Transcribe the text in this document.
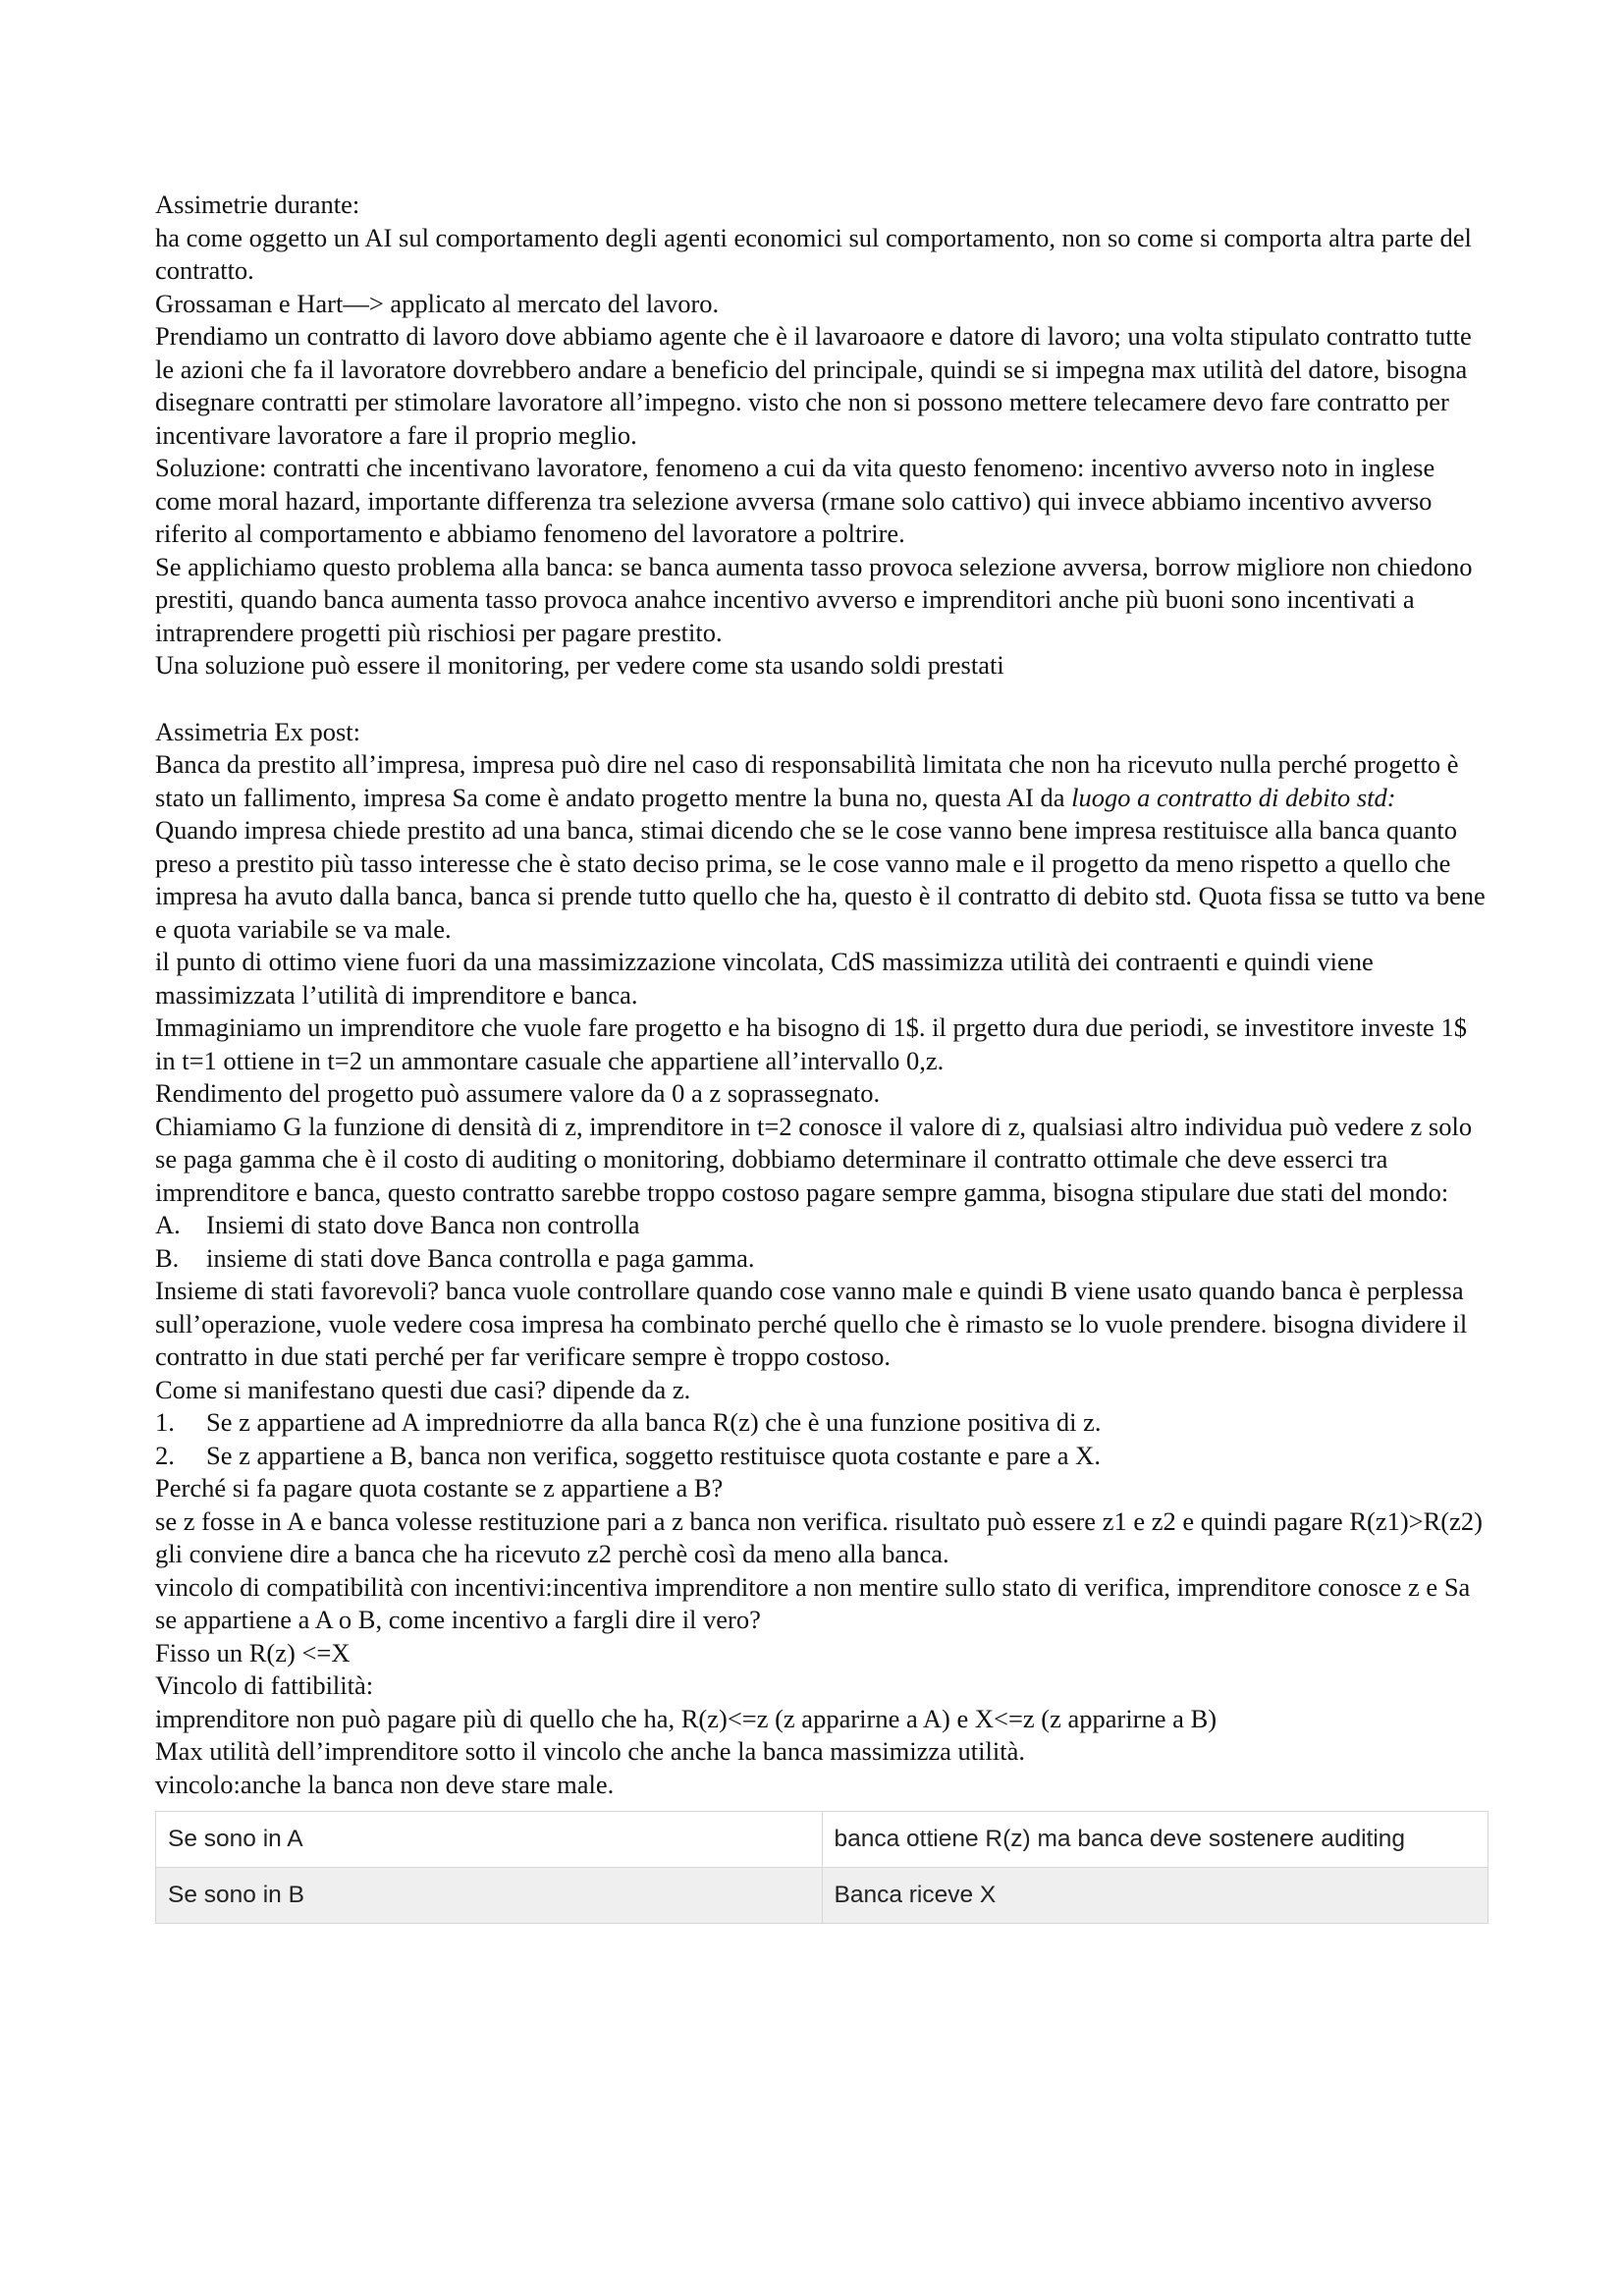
Assimetrie durante:

ha come oggetto un AI sul comportamento degli agenti economici sul comportamento, non so come si comporta altra parte del contratto.

Grossaman e Hart—> applicato al mercato del lavoro.

Prendiamo un contratto di lavoro dove abbiamo agente che è il lavaroaore e datore di lavoro; una volta stipulato contratto tutte le azioni che fa il lavoratore dovrebbero andare a beneficio del principale, quindi se si impegna max utilità del datore, bisogna disegnare contratti per stimolare lavoratore all’impegno. visto che non si possono mettere telecamere devo fare contratto per incentivare lavoratore a fare il proprio meglio.

Soluzione: contratti che incentivano lavoratore, fenomeno a cui da vita questo fenomeno: incentivo avverso noto in inglese come moral hazard, importante differenza tra selezione avversa (rmane solo cattivo) qui invece abbiamo incentivo avverso riferito al comportamento e abbiamo fenomeno del lavoratore a poltrire.

Se applichiamo questo problema alla banca: se banca aumenta tasso provoca selezione avversa, borrow migliore non chiedono prestiti, quando banca aumenta tasso provoca anahce incentivo avverso e imprenditori anche più buoni sono incentivati a intraprendere progetti più rischiosi per pagare prestito.

Una soluzione può essere il monitoring, per vedere come sta usando soldi prestati

Assimetria Ex post:

Banca da prestito all’impresa, impresa può dire nel caso di responsabilità limitata che non ha ricevuto nulla perché progetto è stato un fallimento, impresa Sa come è andato progetto mentre la buna no, questa AI da luogo a contratto di debito std:

Quando impresa chiede prestito ad una banca, stimai dicendo che se le cose vanno bene impresa restituisce alla banca quanto preso a prestito più tasso interesse che è stato deciso prima, se le cose vanno male e il progetto da meno rispetto a quello che impresa ha avuto dalla banca, banca si prende tutto quello che ha, questo è il contratto di debito std. Quota fissa se tutto va bene e quota variabile se va male.

il punto di ottimo viene fuori da una massimizzazione vincolata, CdS massimizza utilità dei contraenti e quindi viene massimizzata l’utilità di imprenditore e banca.

Immaginiamo un imprenditore che vuole fare progetto e ha bisogno di 1$. il prgetto dura due periodi, se investitore investe 1$ in t=1 ottiene in t=2 un ammontare casuale che appartiene all’intervallo 0,z.

Rendimento del progetto può assumere valore da 0 a z soprassegnato.

Chiamiamo G la funzione di densità di z, imprenditore in t=2 conosce il valore di z, qualsiasi altro individua può vedere z solo se paga gamma che è il costo di auditing o monitoring, dobbiamo determinare il contratto ottimale che deve esserci tra imprenditore e banca, questo contratto sarebbe troppo costoso pagare sempre gamma, bisogna stipulare due stati del mondo:

A. Insiemi di stato dove Banca non controlla
B.	insieme di stati dove Banca controlla e paga gamma.

Insieme di stati favorevoli? banca vuole controllare quando cose vanno male e quindi B viene usato quando banca è perplessa sull’operazione, vuole vedere cosa impresa ha combinato perché quello che è rimasto se lo vuole prendere. bisogna dividere il contratto in due stati perché per far verificare sempre è troppo costoso.

Come si manifestano questi due casi? dipende da z.

1.	Se z appartiene ad A imprednioтre da alla banca R(z) che è una funzione positiva di z.
2.	Se z appartiene a B, banca non verifica, soggetto restituisce quota costante e pare a X.

Perché si fa pagare quota costante se z appartiene a B?

se z fosse in A e banca volesse restituzione pari a z banca non verifica. risultato può essere z1 e z2 e quindi pagare R(z1)>R(z2) gli conviene dire a banca che ha ricevuto z2 perchè così da meno alla banca.

vincolo di compatibilità con incentivi:incentiva imprenditore a non mentire sullo stato di verifica, imprenditore conosce z e Sa se appartiene a A o B, come incentivo a fargli dire il vero?

Fisso un R(z) <=X

Vincolo di fattibilità:

imprenditore non può pagare più di quello che ha, R(z)<=z (z apparirne a A) e X<=z (z apparirne a B)

Max utilità dell’imprenditore sotto il vincolo che anche la banca massimizza utilità.

vincolo:anche la banca non deve stare male.

Se sono in A	banca ottiene R(z) ma banca deve sostenere auditing
Se sono in B	Banca riceve X
